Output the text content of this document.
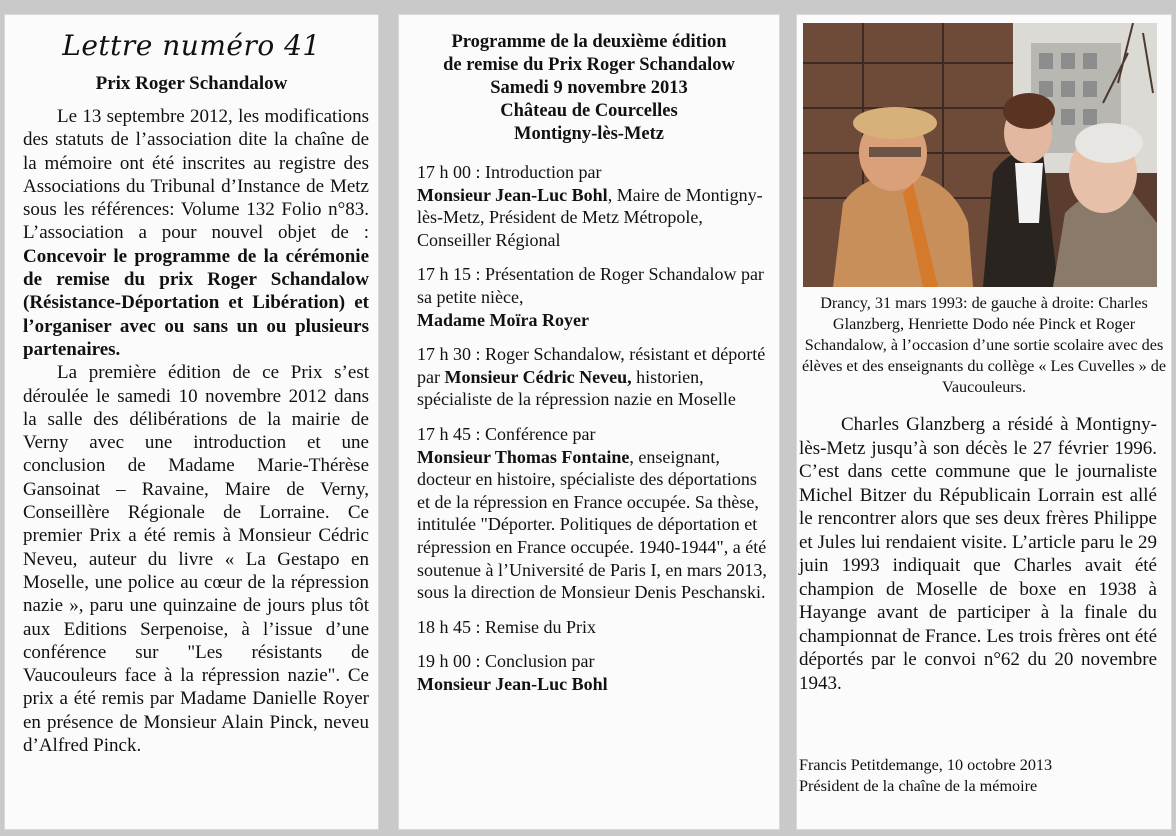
Lettre numéro 41
Prix Roger Schandalow

Le 13 septembre 2012, les modifications des statuts de l’association dite la chaîne de la mémoire ont été inscrites au registre des Associations du Tribunal d’Instance de Metz sous les références: Volume 132 Folio n°83. L’association a pour nouvel objet de : Concevoir le programme de la cérémonie de remise du prix Roger Schandalow (Résistance-Déportation et Libération) et l’organiser avec ou sans un ou plusieurs partenaires.

La première édition de ce Prix s’est déroulée le samedi 10 novembre 2012 dans la salle des délibérations de la mairie de Verny avec une introduction et une conclusion de Madame Marie-Thérèse Gansoinat – Ravaine, Maire de Verny, Conseillère Régionale de Lorraine. Ce premier Prix a été remis à Monsieur Cédric Neveu, auteur du livre « La Gestapo en Moselle, une police au cœur de la répression nazie », paru une quinzaine de jours plus tôt aux Editions Serpenoise, à l’issue d’une conférence sur "Les résistants de Vaucouleurs face à la répression nazie". Ce prix a été remis par Madame Danielle Royer en présence de Monsieur Alain Pinck, neveu d’Alfred Pinck.

Programme de la deuxième édition
de remise du Prix Roger Schandalow
Samedi 9 novembre 2013
Château de Courcelles
Montigny-lès-Metz
17 h 00 : Introduction par
Monsieur Jean-Luc Bohl, Maire de Montigny-lès-Metz, Président de Metz Métropole, Conseiller Régional
17 h 15 : Présentation de Roger Schandalow par sa petite nièce,
Madame Moïra Royer
17 h 30 : Roger Schandalow, résistant et déporté par Monsieur Cédric Neveu, historien, spécialiste de la répression nazie en Moselle
17 h 45 : Conférence par
Monsieur Thomas Fontaine, enseignant, docteur en histoire, spécialiste des déportations et de la répression en France occupée. Sa thèse, intitulée "Déporter. Politiques de déportation et répression en France occupée. 1940-1944", a été soutenue à l’Université de Paris I, en mars 2013, sous la direction de Monsieur Denis Peschanski.
18 h 45 : Remise du Prix
19 h 00 : Conclusion par
Monsieur Jean-Luc Bohl
Drancy, 31 mars 1993: de gauche à droite: Charles Glanzberg, Henriette Dodo née Pinck et Roger Schandalow, à l’occasion d’une sortie scolaire avec des élèves et des enseignants du collège « Les Cuvelles » de Vaucouleurs.

Charles Glanzberg a résidé à Montigny-lès-Metz jusqu’à son décès le 27 février 1996. C’est dans cette commune que le journaliste Michel Bitzer du Républicain Lorrain est allé le rencontrer alors que ses deux frères Philippe et Jules lui rendaient visite. L’article paru le 29 juin 1993 indiquait que Charles avait été champion de Moselle de boxe en 1938 à Hayange avant de participer à la finale du championnat de France. Les trois frères ont été déportés par le convoi n°62 du 20 novembre 1943.

Francis Petitdemange, 10 octobre 2013
Président de la chaîne de la mémoire
